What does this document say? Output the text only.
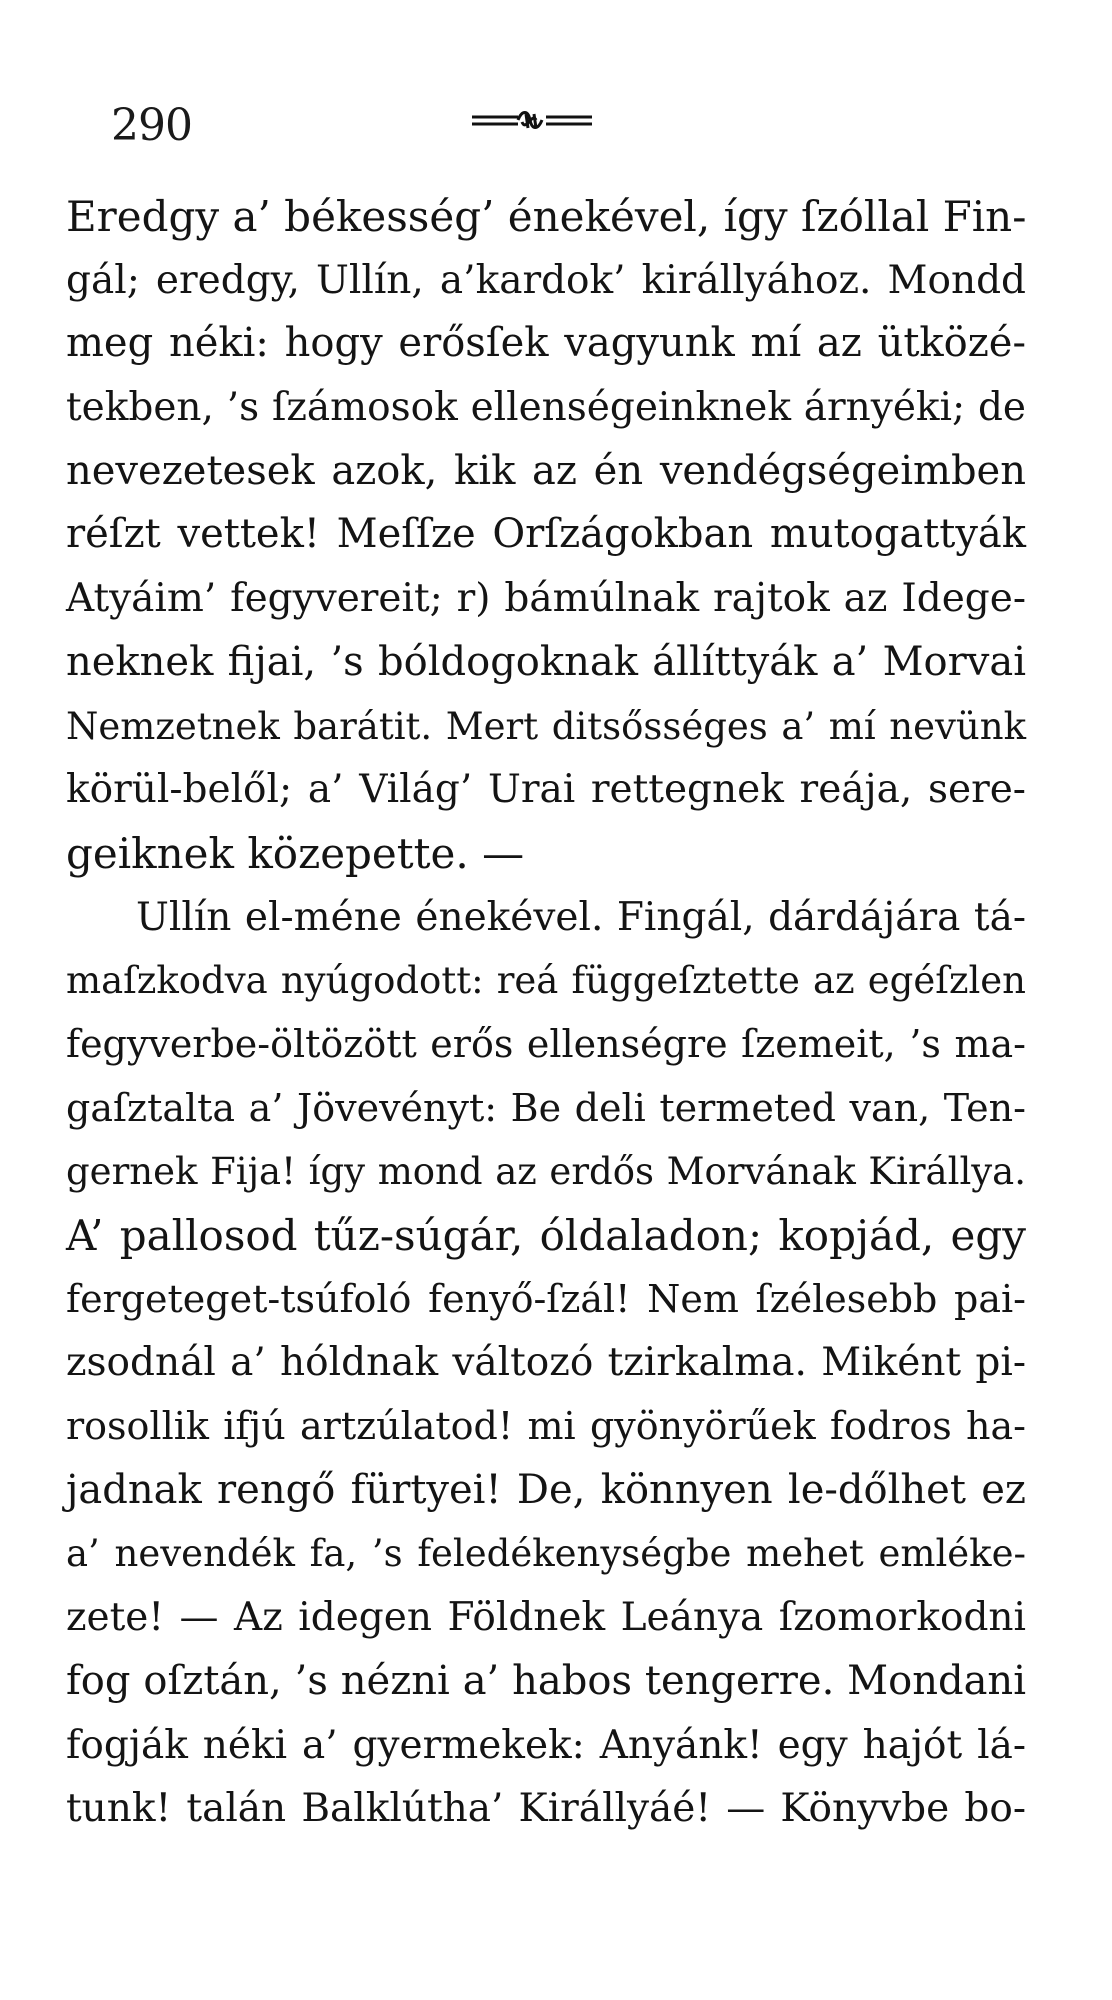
290
Eredgy a’ békesség’ énekével, így ſzóllal Fin-
gál; eredgy, Ullín, a’kardok’ királlyához. Mondd
meg néki: hogy erősſek vagyunk mí az ütközé-
tekben, ’s ſzámosok ellenségeinknek árnyéki; de
nevezetesek azok, kik az én vendégségeimben
réſzt vettek! Meſſze Orſzágokban mutogattyák
Atyáim’ fegyvereit; r) bámúlnak rajtok az Idege-
neknek fijai, ’s bóldogoknak állíttyák a’ Morvai
Nemzetnek barátit. Mert ditsősséges a’ mí nevünk
körül-belől; a’ Világ’ Urai rettegnek reája, sere-
geiknek közepette. —
Ullín el-méne énekével. Fingál, dárdájára tá-
maſzkodva nyúgodott: reá függeſztette az egéſzlen
fegyverbe-öltözött erős ellenségre ſzemeit, ’s ma-
gaſztalta a’ Jövevényt: Be deli termeted van, Ten-
gernek Fija! így mond az erdős Morvának Királlya.
A’ pallosod tűz-súgár, óldaladon; kopjád, egy
fergeteget-tsúfoló fenyő-ſzál! Nem ſzélesebb pai-
zsodnál a’ hóldnak változó tzirkalma. Miként pi-
rosollik ifjú artzúlatod! mi gyönyörűek fodros ha-
jadnak rengő fürtyei! De, könnyen le-dőlhet ez
a’ nevendék fa, ’s feledékenységbe mehet emléke-
zete! — Az idegen Földnek Leánya ſzomorkodni
fog oſztán, ’s nézni a’ habos tengerre. Mondani
fogják néki a’ gyermekek: Anyánk! egy hajót lá-
tunk! talán Balklútha’ Királlyáé! — Könyvbe bo-
